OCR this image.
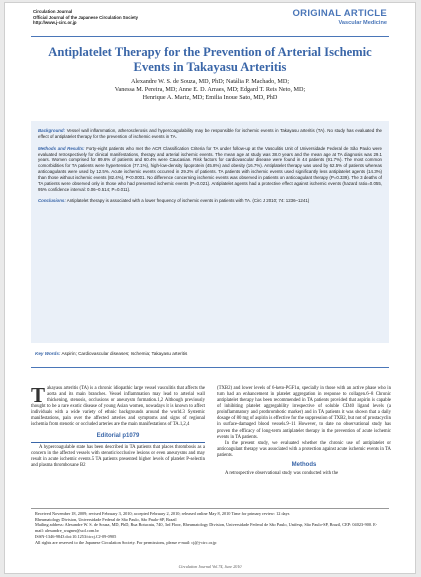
Circulation Journal
Official Journal of the Japanese Circulation Society
http://www.j-circ.or.jp
ORIGINAL ARTICLE
Vascular Medicine
Antiplatelet Therapy for the Prevention of Arterial Ischemic Events in Takayasu Arteritis
Alexandre W. S. de Souza, MD, PhD; Natália P. Machado, MD;
Vanessa M. Pereira, MD; Anne E. D. Arraes, MD; Edgard T. Reis Neto, MD;
Henrique A. Mariz, MD; Emilia Inoue Sato, MD, PhD

Background: Vessel wall inflammation, atherosclerosis and hypercoagulability may be responsible for ischemic events in Takayasu arteritis (TA). No study has evaluated the effect of antiplatelet therapy for the prevention of ischemic events in TA.

Methods and Results: Forty-eight patients who met the ACR Classification Criteria for TA under follow-up at the Vasculitis Unit of Universidade Federal de São Paulo were evaluated retrospectively for clinical manifestations, therapy and arterial ischemic events. The mean age at study was 38.0 years and the mean age at TA diagnosis was 29.1 years. Women comprised for 89.6% of patients and 60.4% were Caucasian. Risk factors for cardiovascular disease were found in 44 patients (91.7%). The most common comorbidities for TA patients were hypertension (77.1%), high-low-density lipoprotein (45.8%) and obesity (16.7%). Antiplatelet therapy was used by 62.5% of patients whereas anticoagulants were used by 12.5%. Acute ischemic events occurred in 29.2% of patients. TA patients with ischemic events used significantly less antiplatelet agents (14.3%) than those without ischemic events (82.4%), P<0.0001. No difference concerning ischemic events was observed in patients on anticoagulant therapy (P=0.339). The 3 deaths of TA patients were observed only in those who had presented ischemic events (P=0.021). Antiplatelet agents had a protective effect against ischemic events (hazard ratio=0.055, 95% confidence interval: 0.06–0.514; P=0.011).

Conclusions: Antiplatelet therapy is associated with a lower frequency of ischemic events in patients with TA. (Circ J 2010; 74: 1236–1241)

Key Words: Aspirin; Cardiovascular diseases; Ischemia; Takayasu arteritis

Takayasu arteritis (TA) is a chronic idiopathic large vessel vasculitis that affects the aorta and its main branches. Vessel inflammation may lead to arterial wall thickening, stenosis, occlusions or aneurysm formation.1,2 Although previously thought to be a rare exotic disease of young Asian women, nowadays it is known to affect individuals with a wide variety of ethnic backgrounds around the world.3 Systemic manifestations, pain over the affected arteries and symptoms and signs of regional ischemia from stenotic or occluded arteries are the main manifestations of TA.1,2,4

Editorial p1079

A hypercoagulable state has been described in TA patients that places thrombosis as a concern in the affected vessels with stenotic/occlusive lesions or even aneurysms and may result in acute ischemic events.5 TA patients presented higher levels of platelet P-selectin and plasma thromboxane B2

(TXB2) and lower levels of 6-keto-PGF1α, specially in those with an active phase who in turn had an enhancement in platelet aggregation in response to collagen.6–8 Chronic antiplatelet therapy has been recommended in TA patients provided that aspirin is capable of inhibiting platelet aggregability irrespective of soluble CD40 ligand levels (a proinflammatory and prothrombotic marker) and in TA patients it was shown that a daily dosage of 80 mg of aspirin is effective for the suppression of TXB2, but not of prostacyclin in surface-damaged blood vessels.9–11 However, to date no observational study has proven the efficacy of long-term antiplatelet therapy in the prevention of acute ischemic events in TA patients.

In the present study, we evaluated whether the chronic use of antiplatelet or anticoagulant therapy was associated with a protection against acute ischemic events in TA patients.

Methods

A retrospective observational study was conducted with the

Received November 18, 2009; revised February 3, 2010; accepted February 2, 2010; released online May 8, 2010 Time for primary review: 12 days

Rheumatology Division, Universidade Federal de São Paulo, São Paulo-SP, Brazil

Mailing address: Alexandre W. S. de Souza, MD, PhD, Rua Botucatu, 740, 3rd Floor, Rheumatology Division, Universidade Federal de São Paulo, Unifesp, São Paulo-SP, Brazil, CEP: 04023-900. E-mail: alexandre_wagner@uol.com.br

ISSN-1346-9843 doi:10.1253/circj.CJ-09-0905

All rights are reserved to the Japanese Circulation Society. For permissions, please e-mail: cj@j-circ.or.jp

Circulation Journal Vol.74, June 2010
